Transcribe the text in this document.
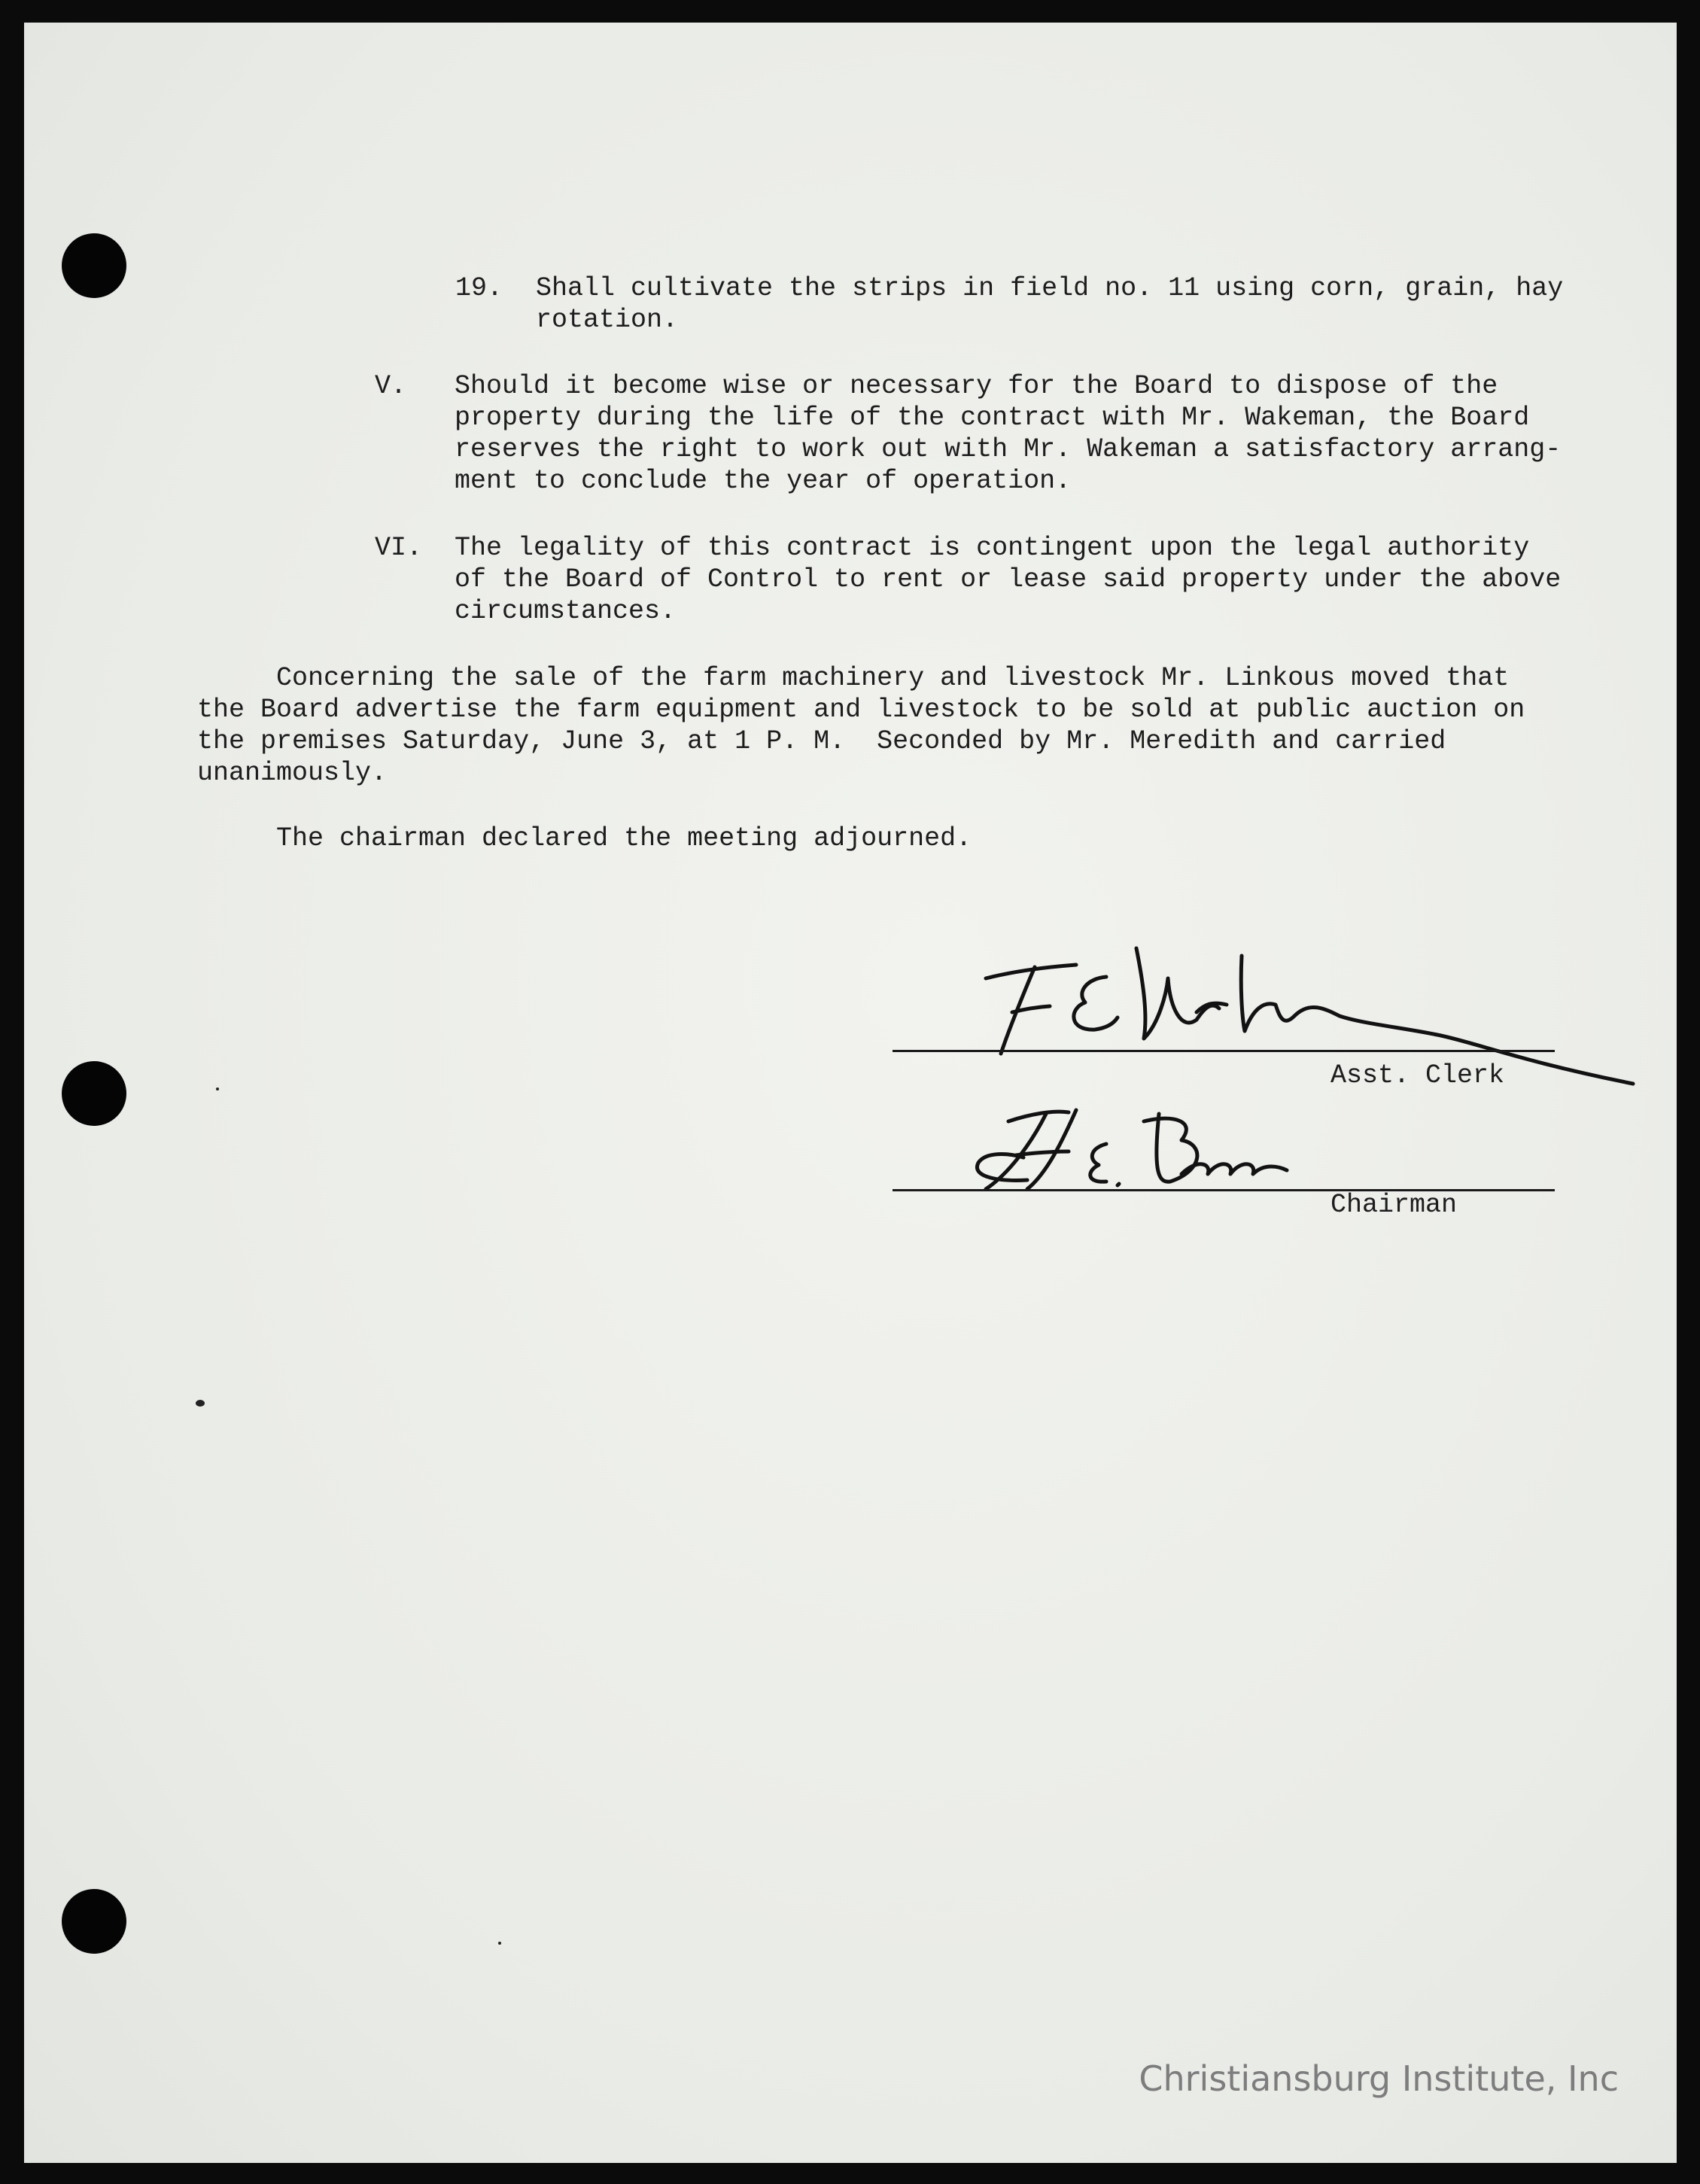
19. Shall cultivate the strips in field no. 11 using corn, grain, hay
rotation.
V. Should it become wise or necessary for the Board to dispose of the
property during the life of the contract with Mr. Wakeman, the Board
reserves the right to work out with Mr. Wakeman a satisfactory arrang-
ment to conclude the year of operation.
VI. The legality of this contract is contingent upon the legal authority
of the Board of Control to rent or lease said property under the above
circumstances.
Concerning the sale of the farm machinery and livestock Mr. Linkous moved that
the Board advertise the farm equipment and livestock to be sold at public auction on
the premises Saturday, June 3, at 1 P. M.  Seconded by Mr. Meredith and carried
unanimously.
The chairman declared the meeting adjourned.
Asst. Clerk
Chairman
Christiansburg Institute, Inc
